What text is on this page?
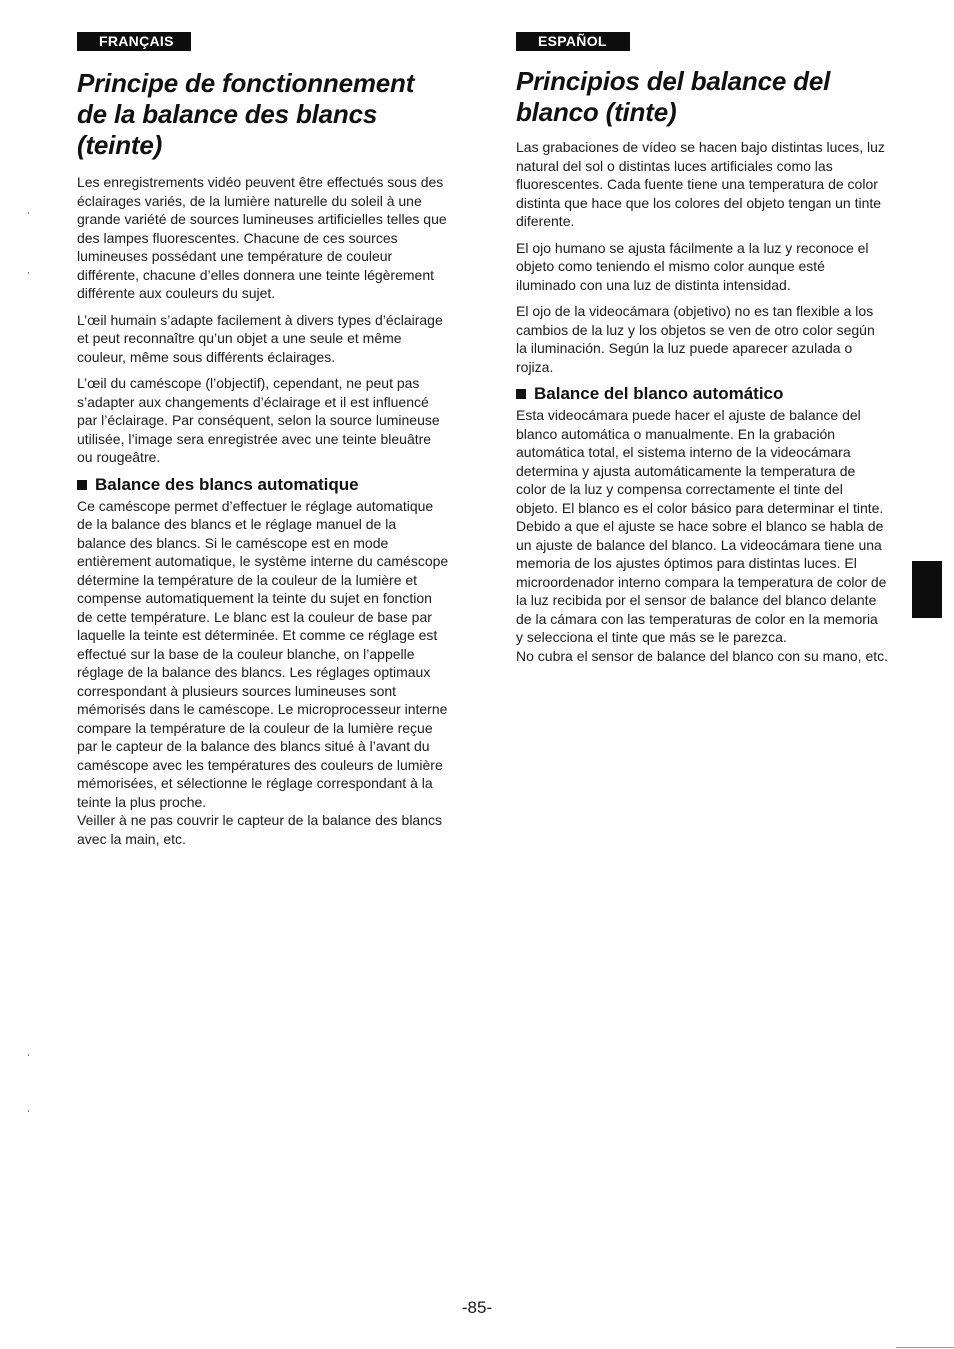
FRANÇAIS
Principe de fonctionnement de la balance des blancs (teinte)

Les enregistrements vidéo peuvent être effectués sous des éclairages variés, de la lumière naturelle du soleil à une grande variété de sources lumineuses artificielles telles que des lampes fluorescentes. Chacune de ces sources lumineuses possédant une température de couleur différente, chacune d’elles donnera une teinte légèrement différente aux couleurs du sujet.

L’œil humain s’adapte facilement à divers types d’éclairage et peut reconnaître qu’un objet a une seule et même couleur, même sous différents éclairages.

L’œil du caméscope (l’objectif), cependant, ne peut pas s’adapter aux changements d’éclairage et il est influencé par l’éclairage. Par conséquent, selon la source lumineuse utilisée, l’image sera enregistrée avec une teinte bleuâtre ou rougeâtre.

Balance des blancs automatique

Ce caméscope permet d’effectuer le réglage automatique de la balance des blancs et le réglage manuel de la balance des blancs. Si le caméscope est en mode entièrement automatique, le système interne du caméscope détermine la température de la couleur de la lumière et compense automatiquement la teinte du sujet en fonction de cette température. Le blanc est la couleur de base par laquelle la teinte est déterminée. Et comme ce réglage est effectué sur la base de la couleur blanche, on l’appelle réglage de la balance des blancs. Les réglages optimaux correspondant à plusieurs sources lumineuses sont mémorisés dans le caméscope. Le microprocesseur interne compare la température de la couleur de la lumière reçue par le capteur de la balance des blancs situé à l’avant du caméscope avec les températures des couleurs de lumière mémorisées, et sélectionne le réglage correspondant à la teinte la plus proche.

Veiller à ne pas couvrir le capteur de la balance des blancs avec la main, etc.

ESPAÑOL
Principios del balance del blanco (tinte)

Las grabaciones de vídeo se hacen bajo distintas luces, luz natural del sol o distintas luces artificiales como las fluorescentes. Cada fuente tiene una temperatura de color distinta que hace que los colores del objeto tengan un tinte diferente.

El ojo humano se ajusta fácilmente a la luz y reconoce el objeto como teniendo el mismo color aunque esté iluminado con una luz de distinta intensidad.

El ojo de la videocámara (objetivo) no es tan flexible a los cambios de la luz y los objetos se ven de otro color según la iluminación. Según la luz puede aparecer azulada o rojiza.

Balance del blanco automático

Esta videocámara puede hacer el ajuste de balance del blanco automática o manualmente. En la grabación automática total, el sistema interno de la videocámara determina y ajusta automáticamente la temperatura de color de la luz y compensa correctamente el tinte del objeto. El blanco es el color básico para determinar el tinte. Debido a que el ajuste se hace sobre el blanco se habla de un ajuste de balance del blanco. La videocámara tiene una memoria de los ajustes óptimos para distintas luces. El microordenador interno compara la temperatura de color de la luz recibida por el sensor de balance del blanco delante de la cámara con las temperaturas de color en la memoria y selecciona el tinte que más se le parezca.

No cubra el sensor de balance del blanco con su mano, etc.

-85-
